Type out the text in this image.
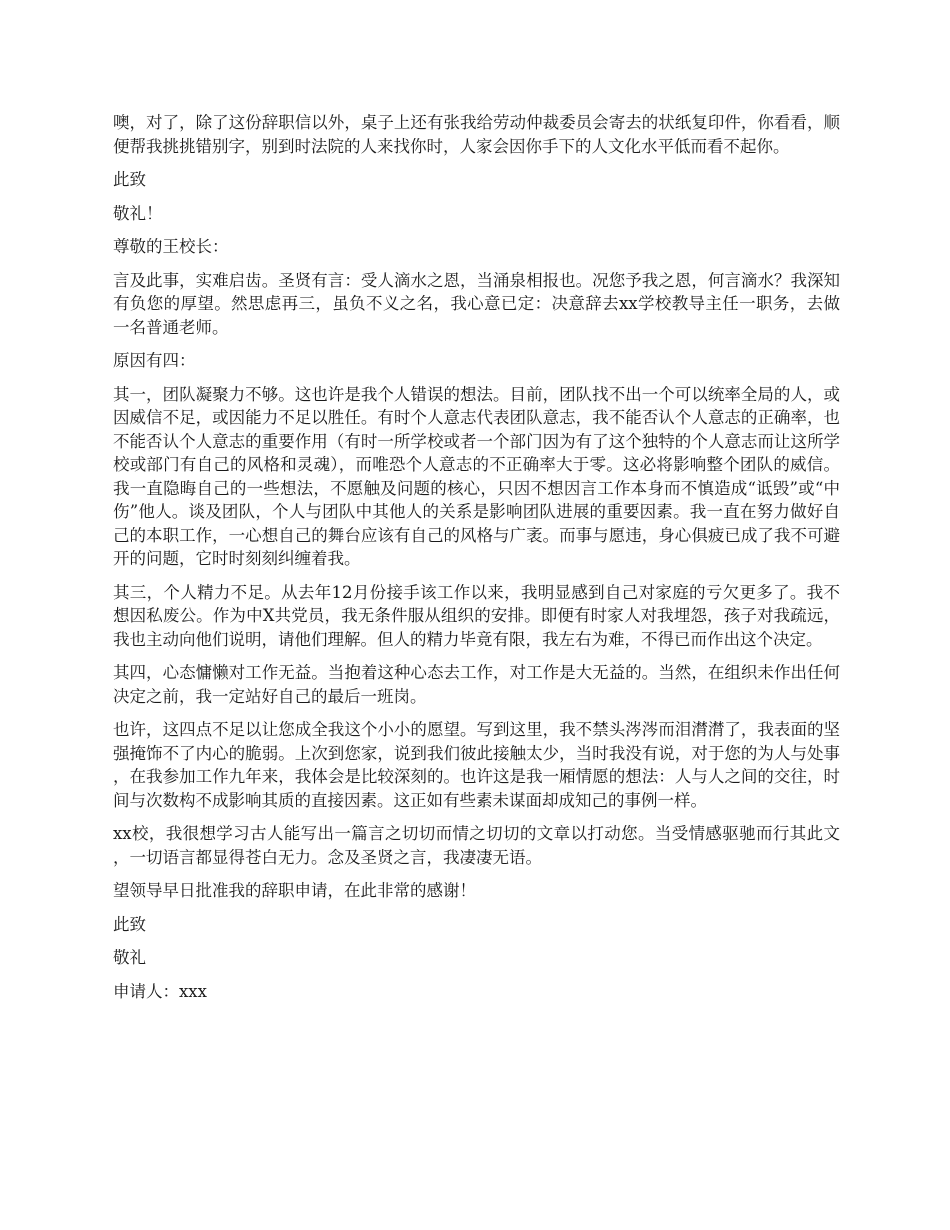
噢，对了，除了这份辞职信以外，桌子上还有张我给劳动仲裁委员会寄去的状纸复印件，你看看，顺便帮我挑挑错别字，别到时法院的人来找你时，人家会因你手下的人文化水平低而看不起你。

此致

敬礼！

尊敬的王校长：

言及此事，实难启齿。圣贤有言：受人滴水之恩，当涌泉相报也。况您予我之恩，何言滴水？我深知有负您的厚望。然思虑再三，虽负不义之名，我心意已定：决意辞去xx学校教导主任一职务，去做一名普通老师。

原因有四：

其一，团队凝聚力不够。这也许是我个人错误的想法。目前，团队找不出一个可以统率全局的人，或因威信不足，或因能力不足以胜任。有时个人意志代表团队意志，我不能否认个人意志的正确率，也不能否认个人意志的重要作用（有时一所学校或者一个部门因为有了这个独特的个人意志而让这所学校或部门有自己的风格和灵魂），而唯恐个人意志的不正确率大于零。这必将影响整个团队的威信。我一直隐晦自己的一些想法，不愿触及问题的核心，只因不想因言工作本身而不慎造成“诋毁”或“中伤”他人。谈及团队，个人与团队中其他人的关系是影响团队进展的重要因素。我一直在努力做好自己的本职工作，一心想自己的舞台应该有自己的风格与广袤。而事与愿违，身心俱疲已成了我不可避开的问题，它时时刻刻纠缠着我。

其三，个人精力不足。从去年12月份接手该工作以来，我明显感到自己对家庭的亏欠更多了。我不想因私废公。作为中X共党员，我无条件服从组织的安排。即便有时家人对我埋怨，孩子对我疏远，我也主动向他们说明，请他们理解。但人的精力毕竟有限，我左右为难，不得已而作出这个决定。

其四，心态慵懒对工作无益。当抱着这种心态去工作，对工作是大无益的。当然，在组织未作出任何决定之前，我一定站好自己的最后一班岗。

也许，这四点不足以让您成全我这个小小的愿望。写到这里，我不禁头涔涔而泪潸潸了，我表面的坚强掩饰不了内心的脆弱。上次到您家，说到我们彼此接触太少，当时我没有说，对于您的为人与处事，在我参加工作九年来，我体会是比较深刻的。也许这是我一厢情愿的想法：人与人之间的交往，时间与次数构不成影响其质的直接因素。这正如有些素未谋面却成知己的事例一样。

xx校，我很想学习古人能写出一篇言之切切而情之切切的文章以打动您。当受情感驱驰而行其此文，一切语言都显得苍白无力。念及圣贤之言，我凄凄无语。

望领导早日批准我的辞职申请，在此非常的感谢！

此致

敬礼

申请人：xxx
